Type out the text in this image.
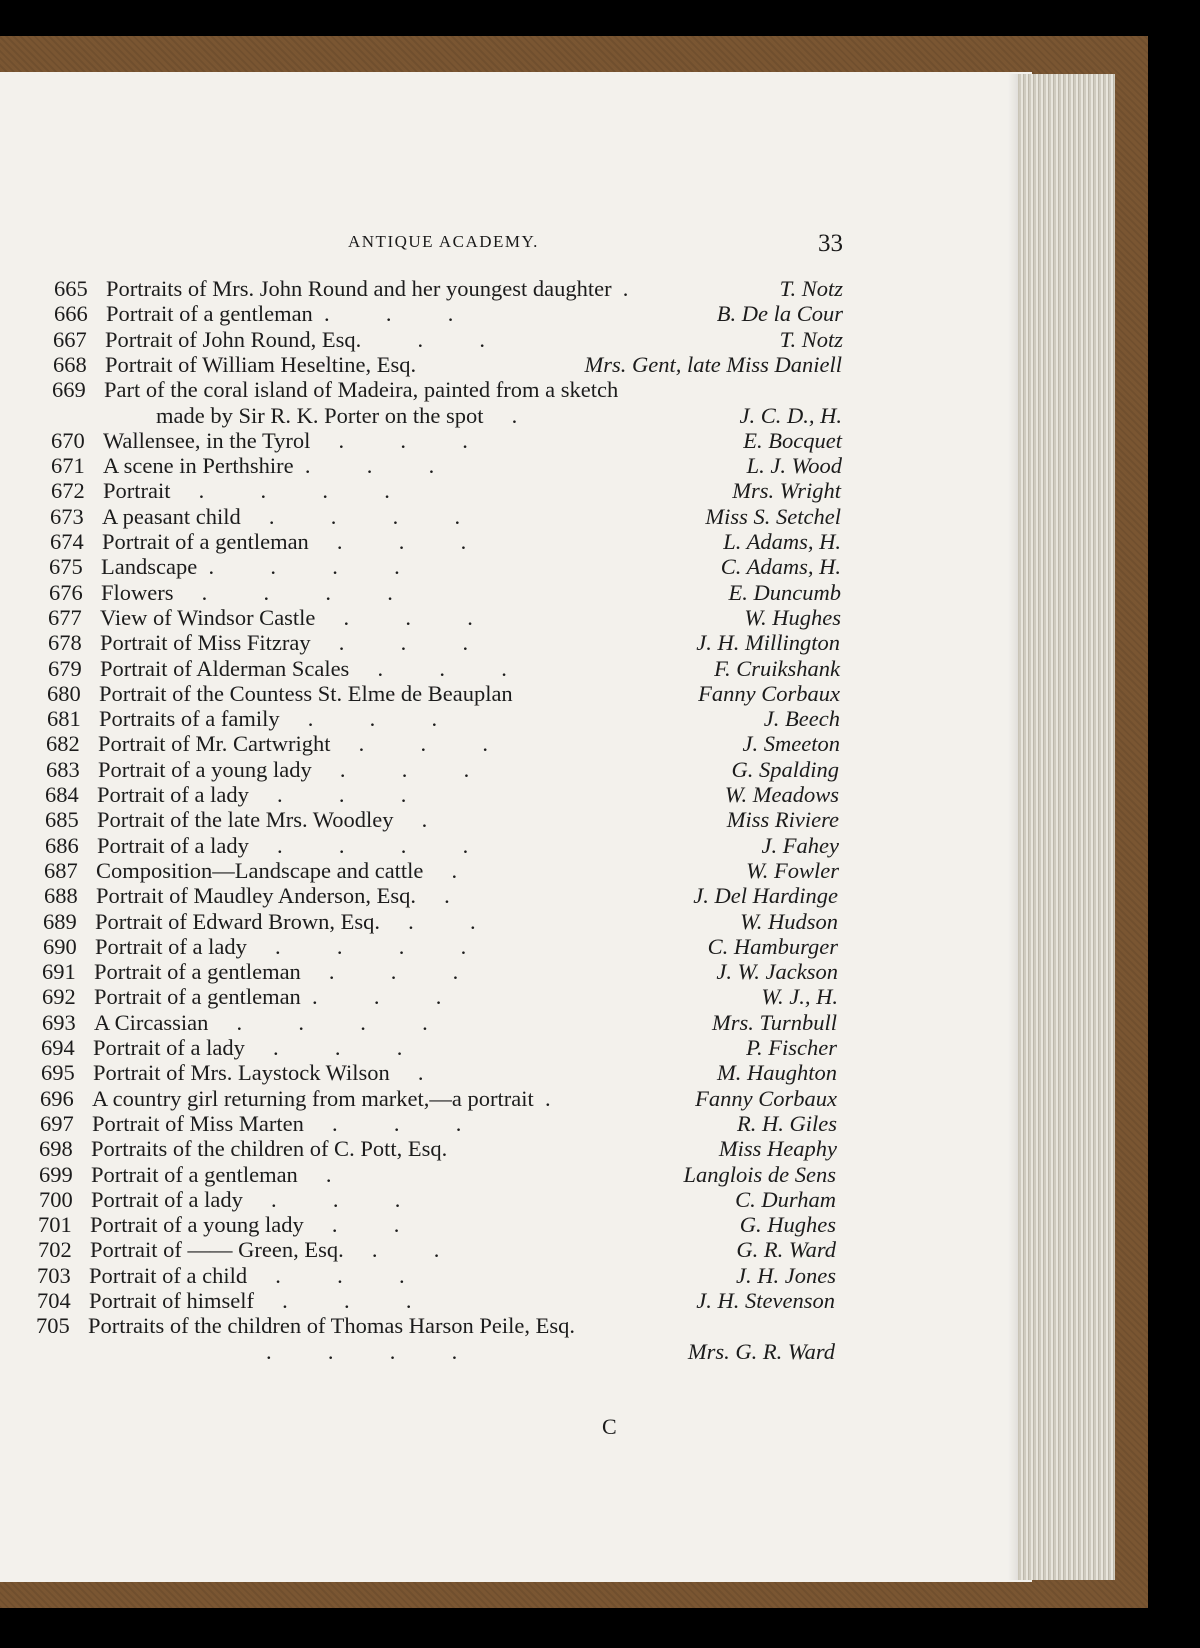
ANTIQUE ACADEMY.	33
665 Portraits of Mrs. John Round and her youngest daughter  .	T. Notz
666 Portrait of a gentleman  .          .          .	B. De la Cour
667 Portrait of John Round, Esq.          .          .	T. Notz
668 Portrait of William Heseltine, Esq.	Mrs. Gent, late Miss Daniell
669 Part of the coral island of Madeira, painted from a sketch
made by Sir R. K. Porter on the spot     .	J. C. D., H.
670 Wallensee, in the Tyrol     .          .          .	E. Bocquet
671 A scene in Perthshire  .          .          .	L. J. Wood
672 Portrait     .          .          .          .	Mrs. Wright
673 A peasant child     .          .          .          .	Miss S. Setchel
674 Portrait of a gentleman     .          .          .	L. Adams, H.
675 Landscape  .          .          .          .	C. Adams, H.
676 Flowers     .          .          .          .	E. Duncumb
677 View of Windsor Castle     .          .          .	W. Hughes
678 Portrait of Miss Fitzray     .          .          .	J. H. Millington
679 Portrait of Alderman Scales     .          .          .	F. Cruikshank
680 Portrait of the Countess St. Elme de Beauplan	Fanny Corbaux
681 Portraits of a family     .          .          .	J. Beech
682 Portrait of Mr. Cartwright     .          .          .	J. Smeeton
683 Portrait of a young lady     .          .          .	G. Spalding
684 Portrait of a lady     .          .          .	W. Meadows
685 Portrait of the late Mrs. Woodley     .	Miss Riviere
686 Portrait of a lady     .          .          .          .	J. Fahey
687 Composition—Landscape and cattle     .	W. Fowler
688 Portrait of Maudley Anderson, Esq.     .	J. Del Hardinge
689 Portrait of Edward Brown, Esq.     .          .	W. Hudson
690 Portrait of a lady     .          .          .          .	C. Hamburger
691 Portrait of a gentleman     .          .          .	J. W. Jackson
692 Portrait of a gentleman  .          .          .	W. J., H.
693 A Circassian     .          .          .          .	Mrs. Turnbull
694 Portrait of a lady     .          .          .	P. Fischer
695 Portrait of Mrs. Laystock Wilson     .	M. Haughton
696 A country girl returning from market,—a portrait  .	Fanny Corbaux
697 Portrait of Miss Marten     .          .          .	R. H. Giles
698 Portraits of the children of C. Pott, Esq.	Miss Heaphy
699 Portrait of a gentleman     .	Langlois de Sens
700 Portrait of a lady     .          .          .	C. Durham
701 Portrait of a young lady     .          .	G. Hughes
702 Portrait of —— Green, Esq.     .          .	G. R. Ward
703 Portrait of a child     .          .          .	J. H. Jones
704 Portrait of himself     .          .          .	J. H. Stevenson
705 Portraits of the children of Thomas Harson Peile, Esq.
.          .          .          .	Mrs. G. R. Ward
C
